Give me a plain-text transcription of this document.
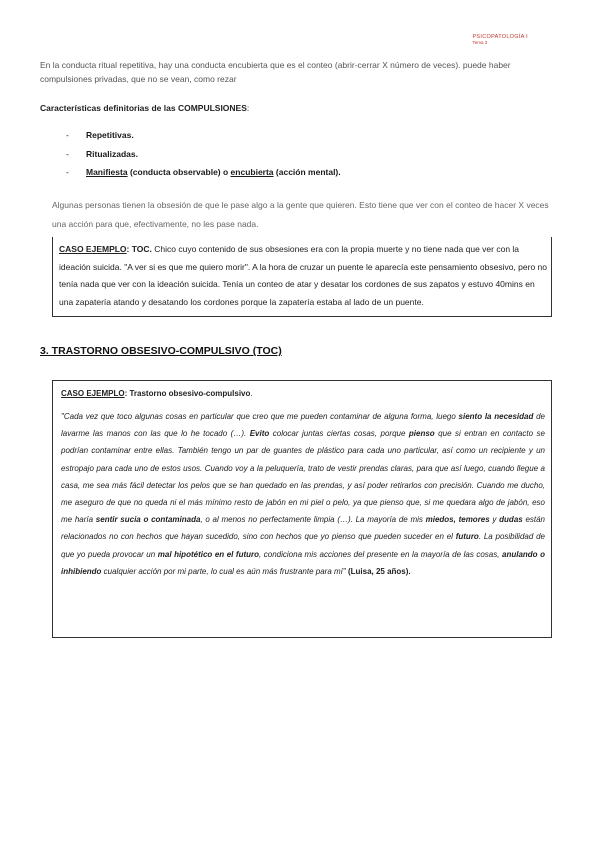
PSICOPATOLOGÍA I
Tema 3
En la conducta ritual repetitiva, hay una conducta encubierta que es el conteo (abrir-cerrar X número de veces). puede haber compulsiones privadas, que no se vean, como rezar
Características definitorias de las COMPULSIONES:
- Repetitivas.
- Ritualizadas.
- Manifiesta (conducta observable) o encubierta (acción mental).
Algunas personas tienen la obsesión de que le pase algo a la gente que quieren. Esto tiene que ver con el conteo de hacer X veces una acción para que, efectivamente, no les pase nada.
CASO EJEMPLO: TOC. Chico cuyo contenido de sus obsesiones era con la propia muerte y no tiene nada que ver con la ideación suicida. "A ver si es que me quiero morir". A la hora de cruzar un puente le aparecía este pensamiento obsesivo, pero no tenía nada que ver con la ideación suicida. Tenía un conteo de atar y desatar los cordones de sus zapatos y estuvo 40mins en una zapatería atando y desatando los cordones porque la zapatería estaba al lado de un puente.
3. TRASTORNO OBSESIVO-COMPULSIVO (TOC)
CASO EJEMPLO: Trastorno obsesivo-compulsivo.

"Cada vez que toco algunas cosas en particular que creo que me pueden contaminar de alguna forma, luego siento la necesidad de lavarme las manos con las que lo he tocado (…). Evito colocar juntas ciertas cosas, porque pienso que si entran en contacto se podrían contaminar entre ellas. También tengo un par de guantes de plástico para cada uno particular, así como un recipiente y un estropajo para cada uno de estos usos. Cuando voy a la peluquería, trato de vestir prendas claras, para que así luego, cuando llegue a casa, me sea más fácil detectar los pelos que se han quedado en las prendas, y así poder retirarlos con precisión. Cuando me ducho, me aseguro de que no queda ni el más mínimo resto de jabón en mi piel o pelo, ya que pienso que, si me quedara algo de jabón, eso me haría sentir sucia o contaminada, o al menos no perfectamente limpia (…). La mayoría de mis miedos, temores y dudas están relacionados no con hechos que hayan sucedido, sino con hechos que yo pienso que pueden suceder en el futuro. La posibilidad de que yo pueda provocar un mal hipotético en el futuro, condiciona mis acciones del presente en la mayoría de las cosas, anulando o inhibiendo cualquier acción por mi parte, lo cual es aún más frustrante para mí" (Luisa, 25 años).
